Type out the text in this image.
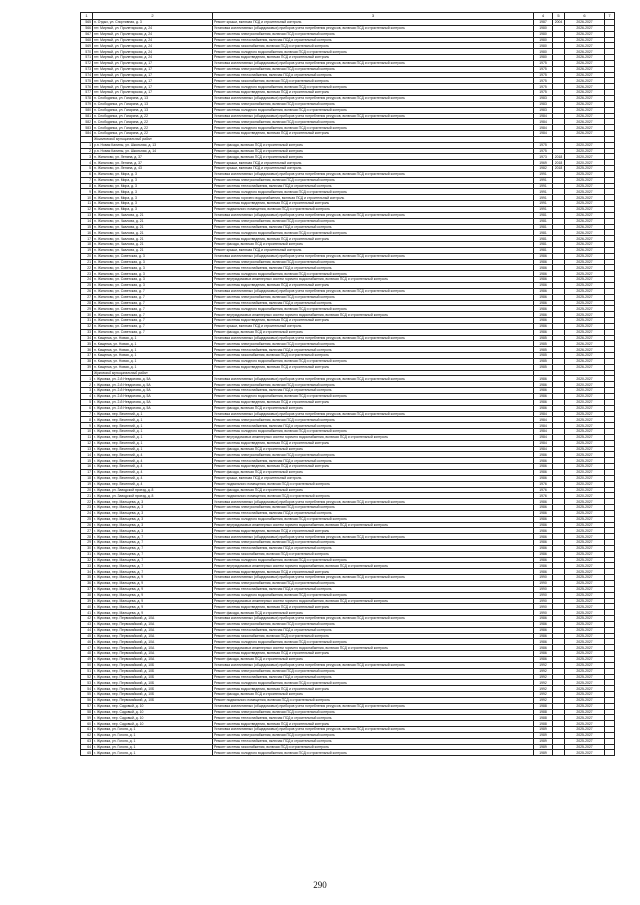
1	2	3	4	5	6	7
565	п. Отдых, ул. Спортивная, д. 3	Ремонт крыши, включая ПСД и строительный контроль	1987	2004	2026-2027	
566	пгт. Мирный, ул. Пролетарская, д. 24	Установка коллективных (общедомовых) приборов учета потребления ресурсов, включая ПСД и строительный контроль	1980		2026-2027	
567	пгт. Мирный, ул. Пролетарская, д. 24	Ремонт системы электроснабжения, включая ПСД и строительный контроль	1980		2026-2027	
568	пгт. Мирный, ул. Пролетарская, д. 24	Ремонт системы теплоснабжения, включая ПСД и строительный контроль	1980		2026-2027	
569	пгт. Мирный, ул. Пролетарская, д. 24	Ремонт системы газоснабжения, включая ПСД и строительный контроль	1980		2026-2027	
570	пгт. Мирный, ул. Пролетарская, д. 24	Ремонт системы холодного водоснабжения, включая ПСД и строительный контроль	1980		2026-2027	
571	пгт. Мирный, ул. Пролетарская, д. 24	Ремонт системы водоотведения, включая ПСД и строительный контроль	1980		2026-2027	
572	пгт. Мирный, ул. Пролетарская, д. 17	Установка коллективных (общедомовых) приборов учета потребления ресурсов, включая ПСД и строительный контроль	1975		2026-2027	
573	пгт. Мирный, ул. Пролетарская, д. 17	Ремонт системы электроснабжения, включая ПСД и строительный контроль	1975		2026-2027	
574	пгт. Мирный, ул. Пролетарская, д. 17	Ремонт системы теплоснабжения, включая ПСД и строительный контроль	1975		2026-2027	
575	пгт. Мирный, ул. Пролетарская, д. 17	Ремонт системы газоснабжения, включая ПСД и строительный контроль	1975		2026-2027	
576	пгт. Мирный, ул. Пролетарская, д. 17	Ремонт системы холодного водоснабжения, включая ПСД и строительный контроль	1975		2026-2027	
577	пгт. Мирный, ул. Пролетарская, д. 17	Ремонт системы водоотведения, включая ПСД и строительный контроль	1975		2026-2027	
578	п. Слободянка, ул. Гагарина, д. 13	Установка коллективных (общедомовых) приборов учета потребления ресурсов, включая ПСД и строительный контроль	1983		2026-2027	
579	п. Слободянка, ул. Гагарина, д. 13	Ремонт системы электроснабжения, включая ПСД и строительный контроль	1983		2026-2027	
580	п. Слободянка, ул. Гагарина, д. 13	Ремонт системы холодного водоснабжения, включая ПСД и строительный контроль	1983		2026-2027	
581	п. Слободянка, ул. Гагарина, д. 22	Установка коллективных (общедомовых) приборов учета потребления ресурсов, включая ПСД и строительный контроль	1984		2026-2027	
582	п. Слободянка, ул. Гагарина, д. 22	Ремонт системы электроснабжения, включая ПСД и строительный контроль	1984		2026-2027	
583	п. Слободянка, ул. Гагарина, д. 22	Ремонт системы холодного водоснабжения, включая ПСД и строительный контроль	1984		2026-2027	
584	п. Слободянка, ул. Гагарина, д. 22	Ремонт системы водоотведения, включая ПСД и строительный контроль	1984		2026-2027	
	Жигаловский муниципальный район					
1	р.п. Новая Калины, ул. Школьная, д. 13	Ремонт фасада, включая ПСД и строительный контроль	1975		2020-2027	
2	р.п. Новая Калины, ул. Школьная, д. 14	Ремонт фасада, включая ПСД и строительный контроль	1975		2020-2027	
3	п. Жигалово, ул. Ленина, д. 37	Ремонт фасада, включая ПСД и строительный контроль	1973	2018	2020-2027	
4	п. Жигалово, ул. Ленина, д. 37	Ремонт крыши, включая ПСД и строительный контроль	1969	2018	2020-2027	
5	п. Жигалово, ул. Ленина, д. 43	Ремонт крыши, включая ПСД и строительный контроль	1982	2018	2025-2027	
6	п. Жигалово, ул. Мира, д. 3	Установка коллективных (общедомовых) приборов учета потребления ресурсов, включая ПСД и строительный контроль	1991		2025-2027	
7	п. Жигалово, ул. Мира, д. 3	Ремонт системы электроснабжения, включая ПСД и строительный контроль	1991		2025-2027	
8	п. Жигалово, ул. Мира, д. 3	Ремонт системы теплоснабжения, включая ПСД и строительный контроль	1991		2025-2027	
9	п. Жигалово, ул. Мира, д. 3	Ремонт системы холодного водоснабжения, включая ПСД и строительный контроль	1991		2025-2027	
10	п. Жигалово, ул. Мира, д. 3	Ремонт системы горячего водоснабжения, включая ПСД и строительный контроль	1991		2025-2027	
11	п. Жигалово, ул. Мира, д. 3	Ремонт системы водоотведения, включая ПСД и строительный контроль	1991		2025-2027	
12	п. Жигалово, ул. Мира, д. 3	Ремонт подвального помещения, включая ПСД и строительный контроль	1991		2025-2027	
13	п. Жигалово, ул. Чкалова, д. 21	Установка коллективных (общедомовых) приборов учета потребления ресурсов, включая ПСД и строительный контроль	1981		2026-2027	
14	п. Жигалово, ул. Чкалова, д. 21	Ремонт системы электроснабжения, включая ПСД и строительный контроль	1981		2026-2027	
15	п. Жигалово, ул. Чкалова, д. 21	Ремонт системы теплоснабжения, включая ПСД и строительный контроль	1981		2026-2027	
16	п. Жигалово, ул. Чкалова, д. 21	Ремонт системы холодного водоснабжения, включая ПСД и строительный контроль	1981		2026-2027	
17	п. Жигалово, ул. Чкалова, д. 21	Ремонт системы водоотведения, включая ПСД и строительный контроль	1981		2026-2027	
18	п. Жигалово, ул. Чкалова, д. 21	Ремонт фасада, включая ПСД и строительный контроль	1981		2026-2027	
19	п. Жигалово, ул. Чкалова, д. 21	Ремонт крыши, включая ПСД и строительный контроль	1981		2026-2027	
20	п. Жигалово, ул. Советская, д. 3	Установка коллективных (общедомовых) приборов учета потребления ресурсов, включая ПСД и строительный контроль	1986		2025-2027	
21	п. Жигалово, ул. Советская, д. 3	Ремонт системы электроснабжения, включая ПСД и строительный контроль	1986		2025-2027	
22	п. Жигалово, ул. Советская, д. 3	Ремонт системы теплоснабжения, включая ПСД и строительный контроль	1986		2025-2027	
23	п. Жигалово, ул. Советская, д. 3	Ремонт системы холодного водоснабжения, включая ПСД и строительный контроль	1986		2025-2027	
24	п. Жигалово, ул. Советская, д. 3	Ремонт внутридомовых инженерных систем горячего водоснабжения, включая ПСД и строительный контроль	1986		2025-2027	
25	п. Жигалово, ул. Советская, д. 3	Ремонт системы водоотведения, включая ПСД и строительный контроль	1986		2025-2027	
26	п. Жигалово, ул. Советская, д. 7	Установка коллективных (общедомовых) приборов учета потребления ресурсов, включая ПСД и строительный контроль	1986		2025-2027	
27	п. Жигалово, ул. Советская, д. 7	Ремонт системы электроснабжения, включая ПСД и строительный контроль	1986		2025-2027	
28	п. Жигалово, ул. Советская, д. 7	Ремонт системы теплоснабжения, включая ПСД и строительный контроль	1986		2025-2027	
29	п. Жигалово, ул. Советская, д. 7	Ремонт системы холодного водоснабжения, включая ПСД и строительный контроль	1986		2025-2027	
30	п. Жигалово, ул. Советская, д. 7	Ремонт внутридомовых инженерных систем горячего водоснабжения, включая ПСД и строительный контроль	1986		2025-2027	
31	п. Жигалово, ул. Советская, д. 7	Ремонт системы водоотведения, включая ПСД и строительный контроль	1986		2025-2027	
32	п. Жигалово, ул. Советская, д. 7	Ремонт крыши, включая ПСД и строительный контроль	1986		2025-2027	
33	п. Жигалово, ул. Советская, д. 7	Ремонт фасада, включая ПСД и строительный контроль	1986		2025-2027	
34	п. Кищенка, ул. Новая, д. 1	Установка коллективных (общедомовых) приборов учета потребления ресурсов, включая ПСД и строительный контроль	1985		2026-2027	
35	п. Кищенка, ул. Новая, д. 1	Ремонт системы электроснабжения, включая ПСД и строительный контроль	1985		2026-2027	
36	п. Кищенка, ул. Новая, д. 1	Ремонт системы теплоснабжения, включая ПСД и строительный контроль	1985		2026-2027	
37	п. Кищенка, ул. Новая, д. 1	Ремонт системы газоснабжения, включая ПСД и строительный контроль	1985		2026-2027	
38	п. Кищенка, ул. Новая, д. 1	Ремонт системы холодного водоснабжения, включая ПСД и строительный контроль	1985		2026-2027	
39	п. Кищенка, ул. Новая, д. 1	Ремонт системы водоотведения, включая ПСД и строительный контроль	1985		2026-2027	
	Жуковский муниципальный район					
1	г. Жуковка, ул. 2-й Невдолова, д. 5А	Установка коллективных (общедомовых) приборов учета потребления ресурсов, включая ПСД и строительный контроль	1986		2020-2027	
2	г. Жуковка, ул. 2-й Невдолова, д. 5А	Ремонт системы электроснабжения, включая ПСД и строительный контроль	1986		2020-2027	
3	г. Жуковка, ул. 2-й Невдолова, д. 5А	Ремонт системы теплоснабжения, включая ПСД и строительный контроль	1986		2020-2027	
4	г. Жуковка, ул. 2-й Невдолова, д. 5А	Ремонт системы холодного водоснабжения, включая ПСД и строительный контроль	1986		2020-2027	
5	г. Жуковка, ул. 2-й Невдолова, д. 5А	Ремонт системы водоотведения, включая ПСД и строительный контроль	1986		2020-2027	
6	г. Жуковка, ул. 2-й Невдолова, д. 5А	Ремонт фасада, включая ПСД и строительный контроль	1986		2020-2027	
7	г. Жуковка, пер. Весенний, д. 1	Установка коллективных (общедомовых) приборов учета потребления ресурсов, включая ПСД и строительный контроль	1984		2025-2027	
8	г. Жуковка, пер. Весенний, д. 1	Ремонт системы электроснабжения, включая ПСД и строительный контроль	1984		2025-2027	
9	г. Жуковка, пер. Весенний, д. 1	Ремонт системы теплоснабжения, включая ПСД и строительный контроль	1984		2025-2027	
10	г. Жуковка, пер. Весенний, д. 1	Ремонт системы холодного водоснабжения, включая ПСД и строительный контроль	1984		2025-2027	
11	г. Жуковка, пер. Весенний, д. 1	Ремонт внутридомовых инженерных систем горячего водоснабжения, включая ПСД и строительный контроль	1984		2025-2027	
12	г. Жуковка, пер. Весенний, д. 1	Ремонт системы водоотведения, включая ПСД и строительный контроль	1984		2025-2027	
13	г. Жуковка, пер. Весенний, д. 1	Ремонт фасада, включая ПСД и строительный контроль	1984		2025-2027	
14	г. Жуковка, пер. Весенний, д. 4	Ремонт системы электроснабжения, включая ПСД и строительный контроль	1986		2025-2027	
15	г. Жуковка, пер. Весенний, д. 4	Ремонт системы теплоснабжения, включая ПСД и строительный контроль	1986		2025-2027	
16	г. Жуковка, пер. Весенний, д. 4	Ремонт системы водоотведения, включая ПСД и строительный контроль	1986		2025-2027	
17	г. Жуковка, пер. Весенний, д. 4	Ремонт фасада, включая ПСД и строительный контроль	1986		2020-2027	
18	г. Жуковка, пер. Весенний, д. 4	Ремонт крыши, включая ПСД и строительный контроль	1986		2020-2027	
19	г. Жуковка, пер. Весенний, д. 4	Ремонт подвального помещения, включая ПСД и строительный контроль	1976		2020-2027	
20	г. Жуковка, ул. Заводской проезд, д. 8	Ремонт фасада, включая ПСД и строительный контроль	1976		2020-2027	
21	г. Жуковка, ул. Заводской проезд, д. 8	Ремонт подвального помещения, включая ПСД и строительный контроль	1976		2020-2027	
22	г. Жуковка, пер. Мальцева, д. 3	Установка коллективных (общедомовых) приборов учета потребления ресурсов, включая ПСД и строительный контроль	1986		2025-2027	
23	г. Жуковка, пер. Мальцева, д. 3	Ремонт системы электроснабжения, включая ПСД и строительный контроль	1986		2025-2027	
24	г. Жуковка, пер. Мальцева, д. 3	Ремонт системы теплоснабжения, включая ПСД и строительный контроль	1986		2025-2027	
25	г. Жуковка, пер. Мальцева, д. 3	Ремонт системы холодного водоснабжения, включая ПСД и строительный контроль	1986		2025-2027	
26	г. Жуковка, пер. Мальцева, д. 3	Ремонт внутридомовых инженерных систем горячего водоснабжения, включая ПСД и строительный контроль	1986		2025-2027	
27	г. Жуковка, пер. Мальцева, д. 3	Ремонт системы водоотведения, включая ПСД и строительный контроль	1986		2025-2027	
28	г. Жуковка, пер. Мальцева, д. 7	Установка коллективных (общедомовых) приборов учета потребления ресурсов, включая ПСД и строительный контроль	1986		2025-2027	
29	г. Жуковка, пер. Мальцева, д. 7	Ремонт системы электроснабжения, включая ПСД и строительный контроль	1986		2025-2027	
30	г. Жуковка, пер. Мальцева, д. 7	Ремонт системы теплоснабжения, включая ПСД и строительный контроль	1986		2025-2027	
31	г. Жуковка, пер. Мальцева, д. 7	Ремонт системы газоснабжения, включая ПСД и строительный контроль	1986		2025-2027	
32	г. Жуковка, пер. Мальцева, д. 7	Ремонт системы холодного водоснабжения, включая ПСД и строительный контроль	1986		2025-2027	
33	г. Жуковка, пер. Мальцева, д. 7	Ремонт внутридомовых инженерных систем горячего водоснабжения, включая ПСД и строительный контроль	1986		2025-2027	
34	г. Жуковка, пер. Мальцева, д. 7	Ремонт системы водоотведения, включая ПСД и строительный контроль	1986		2025-2027	
35	г. Жуковка, пер. Мальцева, д. 9	Установка коллективных (общедомовых) приборов учета потребления ресурсов, включая ПСД и строительный контроль	1990		2025-2027	
36	г. Жуковка, пер. Мальцева, д. 9	Ремонт системы электроснабжения, включая ПСД и строительный контроль	1990		2025-2027	
37	г. Жуковка, пер. Мальцева, д. 9	Ремонт системы теплоснабжения, включая ПСД и строительный контроль	1990		2025-2027	
38	г. Жуковка, пер. Мальцева, д. 9	Ремонт системы холодного водоснабжения, включая ПСД и строительный контроль	1990		2025-2027	
39	г. Жуковка, пер. Мальцева, д. 9	Ремонт внутридомовых инженерных систем горячего водоснабжения, включая ПСД и строительный контроль	1990		2025-2027	
40	г. Жуковка, пер. Мальцева, д. 9	Ремонт системы водоотведения, включая ПСД и строительный контроль	1990		2025-2027	
41	г. Жуковка, пер. Мальцева, д. 9	Ремонт фасада, включая ПСД и строительный контроль	1990		2025-2027	
42	г. Жуковка, пер. Первомайский, д. 10А	Установка коллективных (общедомовых) приборов учета потребления ресурсов, включая ПСД и строительный контроль	1986		2025-2027	
43	г. Жуковка, пер. Первомайский, д. 10А	Ремонт системы электроснабжения, включая ПСД и строительный контроль	1986		2025-2027	
44	г. Жуковка, пер. Первомайский, д. 10А	Ремонт системы теплоснабжения, включая ПСД и строительный контроль	1986		2025-2027	
45	г. Жуковка, пер. Первомайский, д. 10А	Ремонт системы газоснабжения, включая ПСД и строительный контроль	1986		2025-2027	
46	г. Жуковка, пер. Первомайский, д. 10А	Ремонт системы холодного водоснабжения, включая ПСД и строительный контроль	1986		2025-2027	
47	г. Жуковка, пер. Первомайский, д. 10А	Ремонт внутридомовых инженерных систем горячего водоснабжения, включая ПСД и строительный контроль	1986		2025-2027	
48	г. Жуковка, пер. Первомайский, д. 10А	Ремонт системы водоотведения, включая ПСД и строительный контроль	1986		2025-2027	
49	г. Жуковка, пер. Первомайский, д. 10А	Ремонт фасада, включая ПСД и строительный контроль	1986		2025-2027	
50	г. Жуковка, пер. Первомайский, д. 10Б	Установка коллективных (общедомовых) приборов учета потребления ресурсов, включая ПСД и строительный контроль	1992		2025-2027	
51	г. Жуковка, пер. Первомайский, д. 10Б	Ремонт системы электроснабжения, включая ПСД и строительный контроль	1992		2025-2027	
52	г. Жуковка, пер. Первомайский, д. 10Б	Ремонт системы теплоснабжения, включая ПСД и строительный контроль	1992		2025-2027	
53	г. Жуковка, пер. Первомайский, д. 10Б	Ремонт системы холодного водоснабжения, включая ПСД и строительный контроль	1992		2025-2027	
54	г. Жуковка, пер. Первомайский, д. 10Б	Ремонт системы водоотведения, включая ПСД и строительный контроль	1992		2025-2027	
55	г. Жуковка, пер. Первомайский, д. 10Б	Ремонт фасада, включая ПСД и строительный контроль	1992		2025-2027	
56	г. Жуковка, пер. Первомайский, д. 10Б	Ремонт подвального помещения, включая ПСД и строительный контроль	1992		2025-2027	
57	г. Жуковка, пер. Садовый, д. 10	Установка коллективных (общедомовых) приборов учета потребления ресурсов, включая ПСД и строительный контроль	1988		2025-2027	
58	г. Жуковка, пер. Садовый, д. 10	Ремонт системы электроснабжения, включая ПСД и строительный контроль	1988		2025-2027	
59	г. Жуковка, пер. Садовый, д. 10	Ремонт системы теплоснабжения, включая ПСД и строительный контроль	1988		2025-2027	
60	г. Жуковка, пер. Садовый, д. 10	Ремонт системы водоотведения, включая ПСД и строительный контроль	1988		2025-2027	
61	г. Жуковка, ул. Гоголя, д. 1	Установка коллективных (общедомовых) приборов учета потребления ресурсов, включая ПСД и строительный контроль	1989		2025-2027	
62	г. Жуковка, ул. Гоголя, д. 1	Ремонт системы электроснабжения, включая ПСД и строительный контроль	1989		2025-2027	
63	г. Жуковка, ул. Гоголя, д. 1	Ремонт системы теплоснабжения, включая ПСД и строительный контроль	1989		2025-2027	
64	г. Жуковка, ул. Гоголя, д. 1	Ремонт системы газоснабжения, включая ПСД и строительный контроль	1989		2025-2027	
65	г. Жуковка, ул. Гоголя, д. 1	Ремонт системы холодного водоснабжения, включая ПСД и строительный контроль	1989		2025-2027	
290
